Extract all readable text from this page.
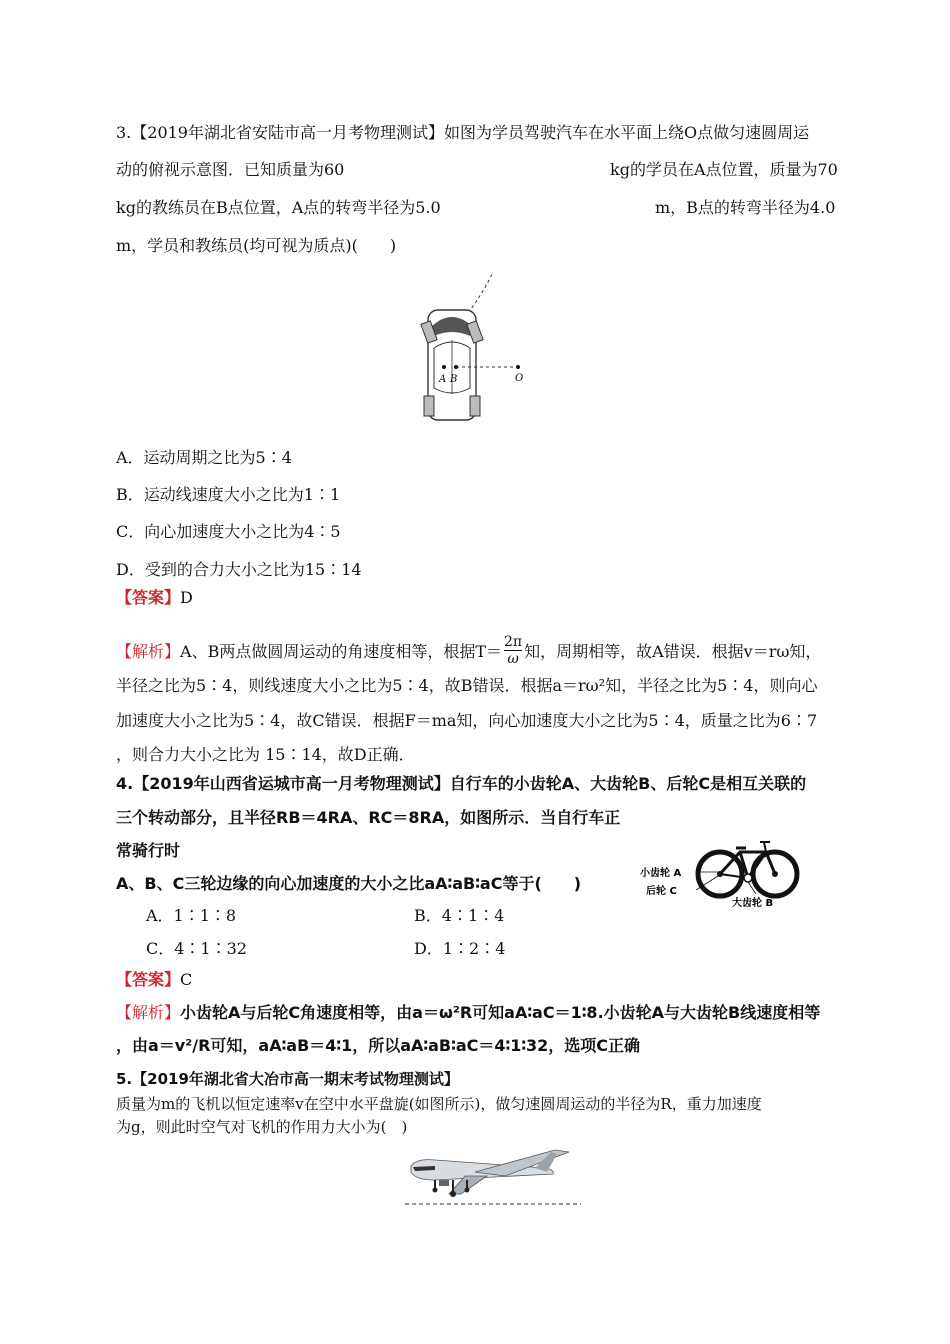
3.【2019年湖北省安陆市高一月考物理测试】如图为学员驾驶汽车在水平面上绕O点做匀速圆周运
动的俯视示意图．已知质量为60	kg的学员在A点位置，质量为70
kg的教练员在B点位置，A点的转弯半径为5.0	m，B点的转弯半径为4.0
m，学员和教练员(均可视为质点)(　　)
A B	O
A．运动周期之比为5∶4
B．运动线速度大小之比为1∶1
C．向心加速度大小之比为4∶5
D．受到的合力大小之比为15∶14
【答案】D
【解析】A、B两点做圆周运动的角速度相等，根据$T= \frac{2\pi}{\omega}$ 知，周期相等，故A错误．根据v＝rω知，
半径之比为5∶4，则线速度大小之比为5∶4，故B错误．根据a＝rω²知，半径之比为5∶4，则向心
加速度大小之比为5∶4，故C错误．根据F＝ma知，向心加速度大小之比为5∶4，质量之比为6∶7
，则合力大小之比为 15∶14，故D正确．
4.【2019年山西省运城市高一月考物理测试】自行车的小齿轮A、大齿轮B、后轮C是相互关联的
三个转动部分，且半径RB＝4RA、RC＝8RA，如图所示．当自行车正
常骑行时
A、B、C三轮边缘的向心加速度的大小之比aA∶aB∶aC等于(　　)
A．1∶1∶8	B．4∶1∶4
C．4∶1∶32	D．1∶2∶4
小齿轮 A
后轮 C
大齿轮 B
【答案】C
【解析】小齿轮A与后轮C角速度相等，由a＝ω²R可知aA∶aC＝1∶8.小齿轮A与大齿轮B线速度相等
，由a＝v²/R可知，aA∶aB＝4∶1，所以aA∶aB∶aC＝4∶1∶32，选项C正确
5.【2019年湖北省大冶市高一期末考试物理测试】
质量为m的飞机以恒定速率v在空中水平盘旋(如图所示)，做匀速圆周运动的半径为R，重力加速度
为g，则此时空气对飞机的作用力大小为(　)
